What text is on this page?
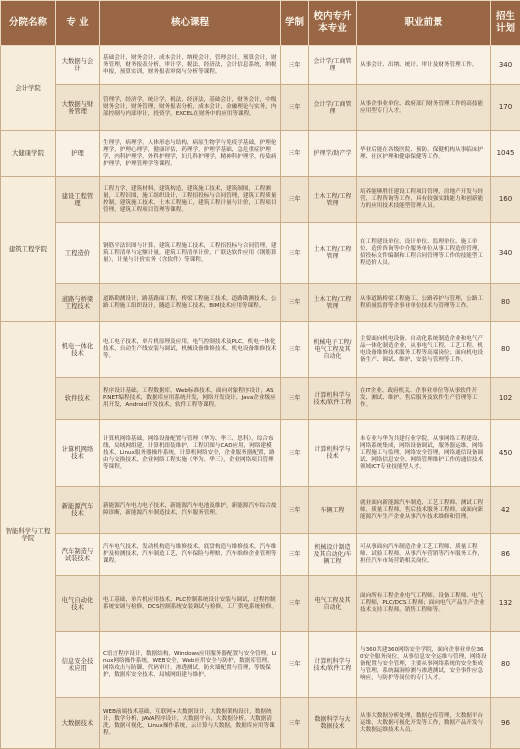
分院名称	专 业	核心课程	学制	校内专升本专业	职业前景	招生计划
会计学院	大数据与会计	基础会计，财务会计，成本会计，纳税会计，管理会计，预算会计，财务管理，财务报表分析，审计学，税法，经济法，会计信息系统，纳税申报，预算实训，财务报表审阅与分析等课程。	三年	会计学/工商管理	从事会计、出纳、统计、审计及财务管理工作。	340
	大数据与财务管理	管理学，经济学，统计学，税法，经济法，基础会计，财务会计，中级财务会计，财务管理，财务报表分析，成本会计，金融理论与实务，内部控制与内部审计，投资学，EXCEL在财务中的应用等课程。	三年	会计学/工商管理	从事企事业单位、政府部门财务管理工作的高技能应用型专门人才。	170
大健康学院	护理	生理学，病理学，人体形态与结构，病原生物学与免疫学基础，护理伦理学，护理心理学，健康评估，药理学，护理学基础，急危重症护理学，内科护理学，外科护理学，妇儿科护理学，精神科护理学，传染病护理学，护理管理学等课程。	三年	护理学/助产学	毕业后能在各级医院、预防、保健机构从事临床护理、社区护理和健康保健等工作。	1045
建筑工程学院	建设工程管理	工程力学，建筑材料，建筑构造，建筑施工技术，建筑制图，工程测量，工程识图，施工组织设计，工程招投标与合同管理，建筑工程质量控制，建筑施工技术，土木工程施工，建筑工程计量与计价，工程项目管理，建筑工程项目管理等课程。	三年	土木工程/工程管理	培养能够胜任建设工程项目管理，房地产开发与经营，工程咨询等工作，具有较强实践能力和创新能力的应用技术技能型管理人员。	160
	工程造价	钢筋平法识图与计算，建筑工程施工技术，工程招投标与合同管理，建筑工程清单与定额计量，建筑工程清单计价，广联达软件应用（钢筋算量），计量与计价实务（含软件）等课程。	三年	土木工程/工程管理	在工程建设单位、设计单位、监理单位、施工单位、造价咨询等中介服务单位从事工程造价管理，招投标文件编制和工程合同管理等工作的技能型工程造价人员。	340
	道路与桥梁工程技术	道路勘测设计，路基路面工程，桥梁工程施工技术，道路勘测技术，公路工程施工组织设计，隧道工程施工技术，BIM技术应用等课程。	三年	土木工程/工程管理	从事道路桥梁工程施工、公路养护与管理，公路工程质量监督等企事业单位技术与管理等工作。	80
智能科学与工程学院	机电一体化技术	电工电子技术，单片机原理及应用，电气控制技术及PLC，机电一体化技术，自动生产线安装与调试，机械设备维修技术，机电设备维修技术等。	三年	机械电子工程/电气工程及其自动化	主要面向机电设备、自动化系统制造企业和电气产品一体化制造企业，从事电气工程、工艺工程、机电设备维修技术服务工程等高端岗位；面向机电设备生产、调试、维护、安装与管理等工作。	80
	软件技术	程序设计基础，工程数据库，Web标准技术，面向对象程序设计，ASP.NET编程技术，数据库应用系统开发，网络开发设计，Java企业级应用开发，Android开发技术，软件工程等课程。	三年	计算机科学与技术/软件工程	在IT企业、政府机关、企事业单位等从事软件开发、测试、维护、售后服务及软件生产管理等工作。	102
	计算机网络技术	计算机网络基础，网络设备配置与管理（华为、华三、思科），综合布线，局域网组建，计算机组装维护，工程识图与CAD应用，网络建模技术，Linux服务器操作系统，计算机网络安全，企业服务器配置，路由与交换技术，企业网络工程实施（华为、华三），企业网络项目管理等课程。	三年	计算机科学与技术	本专业与华为共建行业学院，从事网络工程建设、网络系统集成，网络设备调试，服务器运维，网络工程施工与监理，网络安全管理，网络通信设备调试、网络信息安全、网络管理维护工作的通信技术领域ICT专业技能型人才。	450
	新能源汽车技术	新能源汽车电力电子技术，新能源汽车电池及维护，新能源汽车综合故障诊断，新能源汽车制造技术，汽车服务管理。	三年	车辆工程	就业面向新能源汽车制造、工艺工程师、测试工程师，质量工程师，售后技术服务工程师，或面向新能源汽车生产企业从事汽车技术维修和管理。	42
	汽车制造与试装技术	汽车电气技术，发动机构造与维修技术，底盘构造与维修技术，汽车维护及检测技术，汽车制造工艺，汽车保险与理赔，汽车维修企业管理等课程。	三年	机械设计制造及其自动化/车辆工程	可从事面向汽车制造企业工艺工程师、质量工程师、试验工程师，从事汽车营销等汽车服务工作，担任汽车市场营销相关岗位。	86
	电气自动化技术	电工基础，单片机应用技术，PLC控制系统设计安装与调试，过程控制系统安调与检修，DCS控制系统安装调试与检修，工厂供电系统检修。	三年	电气工程及其自动化	面向所有工程企业电气工程师、设备工程师、电气工程师，PLC/DCS工程师；面向电气产品生产企业技术支持工程师，销售工程师等。	132
	信息安全技术应用	C语言程序设计，数据结构，Windows应用服务器配置与安全管理，Linux网络操作系统，WEB安全，Web应用安全与防护，数据库管理，网络攻击与防御，代码审计，渗透测试，防火墙配置与管理，等级保护，数据库安全技术，局域网组建与维护。	三年	计算机科学与技术/软件工程	与360共建360网络安全学院，面向企事业单位360安全服务岗位，从事信息安全运维与管理，网络设备配置与安全管理，主要从事网络系统的安全集成与管理，系统漏洞检测与渗透测试，安全事件应急响应，与防护等岗位的专门人才。	80
	大数据技术	WEB前端技术基础，互联网+大数据设计，大数据架构设计，数据统计，数学分析，JAVA程序设计，大数据平台，大数据分析，大数据清洗，数据可视化，Linux操作系统，云计算与大数据，数据库应用等课程。	三年	数据科学与大数据技术	从事大数据分析处理，数据仓库管理，大数据平台运维，大数据可视化开发等工作，数据产品开发与大数据运维技术人员。	96
